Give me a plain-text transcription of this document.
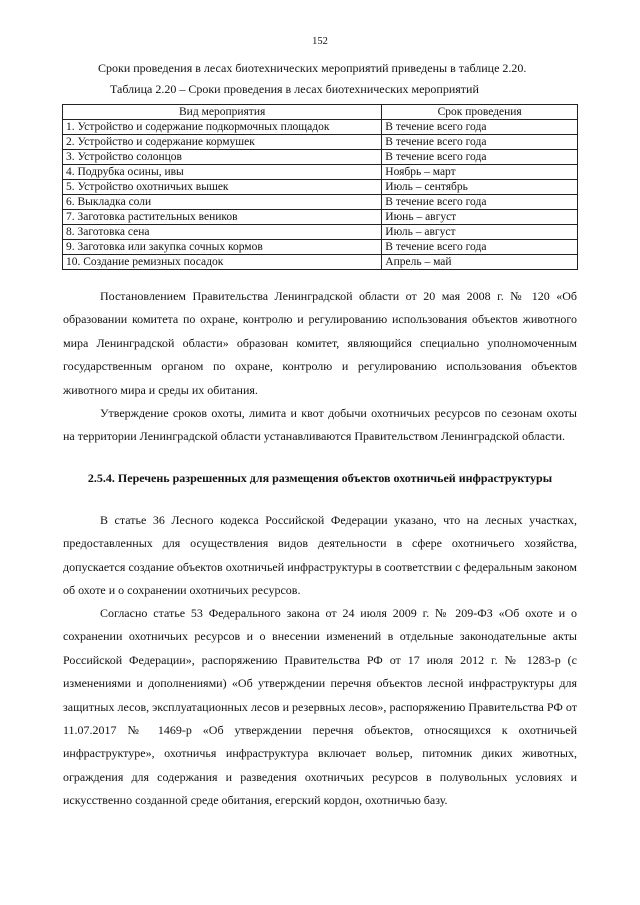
152
Сроки проведения в лесах биотехнических мероприятий приведены в таблице 2.20.
Таблица 2.20 – Сроки проведения в лесах биотехнических мероприятий
Вид мероприятия	Срок проведения
1. Устройство и содержание подкормочных площадок	В течение всего года
2. Устройство и содержание кормушек	В течение всего года
3. Устройство солонцов	В течение всего года
4. Подрубка осины, ивы	Ноябрь – март
5. Устройство охотничьих вышек	Июль – сентябрь
6. Выкладка соли	В течение всего года
7. Заготовка растительных веников	Июнь – август
8. Заготовка сена	Июль – август
9. Заготовка или закупка сочных кормов	В течение всего года
10. Создание ремизных посадок	Апрель – май

Постановлением Правительства Ленинградской области от 20 мая 2008 г. № 120 «Об образовании комитета по охране, контролю и регулированию использования объектов животного мира Ленинградской области» образован комитет, являющийся специально уполномоченным государственным органом по охране, контролю и регулированию использования объектов животного мира и среды их обитания.

Утверждение сроков охоты, лимита и квот добычи охотничьих ресурсов по сезонам охоты на территории Ленинградской области устанавливаются Правительством Ленинградской области.

2.5.4. Перечень разрешенных для размещения объектов охотничьей инфраструктуры

В статье 36 Лесного кодекса Российской Федерации указано, что на лесных участках, предоставленных для осуществления видов деятельности в сфере охотничьего хозяйства, допускается создание объектов охотничьей инфраструктуры в соответствии с федеральным законом об охоте и о сохранении охотничьих ресурсов.

Согласно статье 53 Федерального закона от 24 июля 2009 г. № 209-ФЗ «Об охоте и о сохранении охотничьих ресурсов и о внесении изменений в отдельные законодательные акты Российской Федерации», распоряжению Правительства РФ от 17 июля 2012 г. № 1283-р (с изменениями и дополнениями) «Об утверждении перечня объектов лесной инфраструктуры для защитных лесов, эксплуатационных лесов и резервных лесов», распоряжению Правительства РФ от 11.07.2017 № 1469-р «Об утверждении перечня объектов, относящихся к охотничьей инфраструктуре», охотничья инфраструктура включает вольер, питомник диких животных, ограждения для содержания и разведения охотничьих ресурсов в полувольных условиях и искусственно созданной среде обитания, егерский кордон, охотничью базу.
